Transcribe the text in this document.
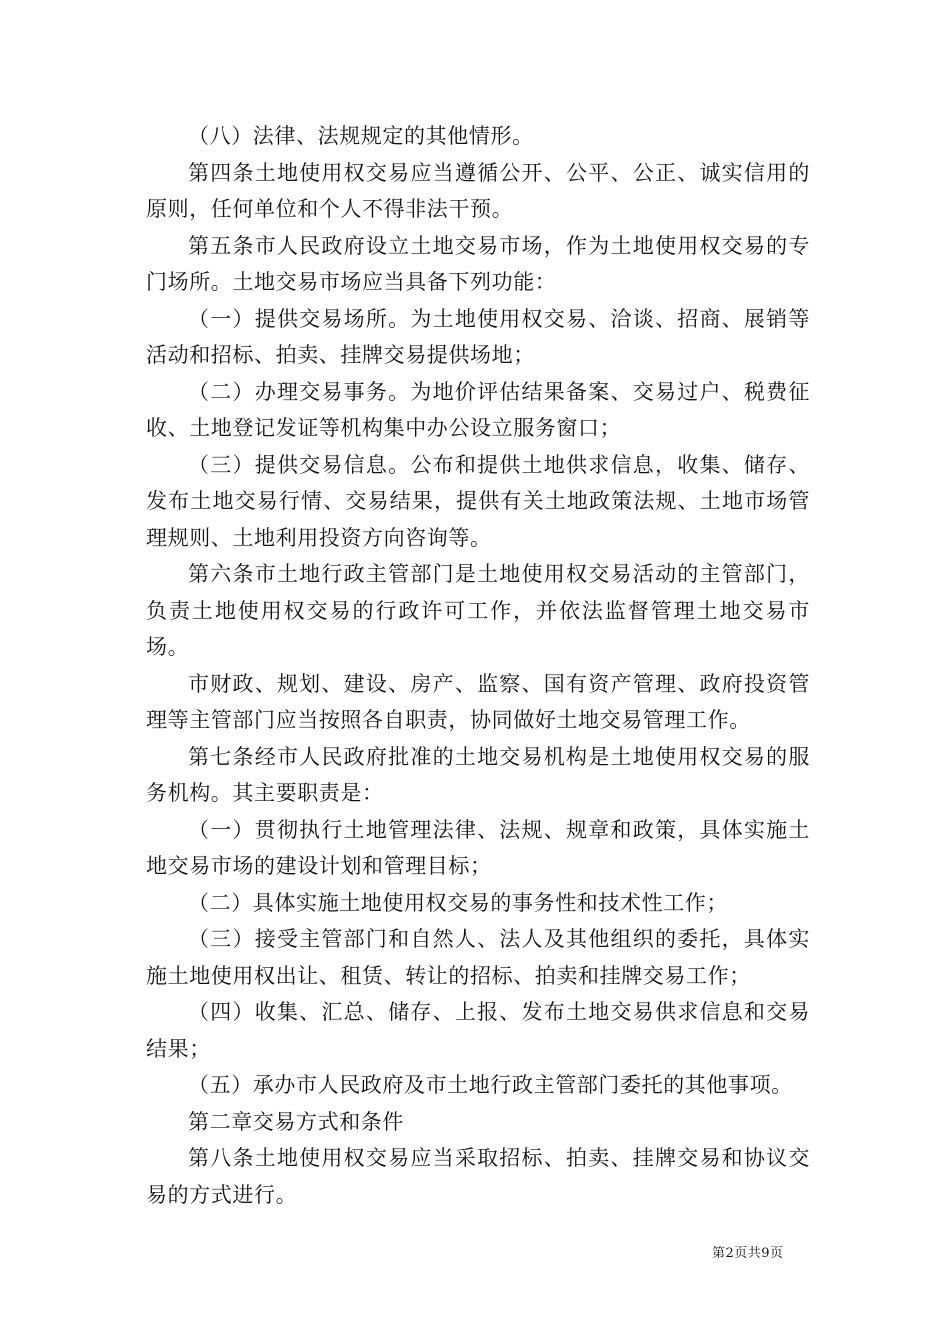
（八）法律、法规规定的其他情形。

第四条土地使用权交易应当遵循公开、公平、公正、诚实信用的原则，任何单位和个人不得非法干预。

第五条市人民政府设立土地交易市场，作为土地使用权交易的专门场所。土地交易市场应当具备下列功能：

（一）提供交易场所。为土地使用权交易、洽谈、招商、展销等活动和招标、拍卖、挂牌交易提供场地；

（二）办理交易事务。为地价评估结果备案、交易过户、税费征收、土地登记发证等机构集中办公设立服务窗口；

（三）提供交易信息。公布和提供土地供求信息，收集、储存、发布土地交易行情、交易结果，提供有关土地政策法规、土地市场管理规则、土地利用投资方向咨询等。

第六条市土地行政主管部门是土地使用权交易活动的主管部门，负责土地使用权交易的行政许可工作，并依法监督管理土地交易市场。

市财政、规划、建设、房产、监察、国有资产管理、政府投资管理等主管部门应当按照各自职责，协同做好土地交易管理工作。

第七条经市人民政府批准的土地交易机构是土地使用权交易的服务机构。其主要职责是：

（一）贯彻执行土地管理法律、法规、规章和政策，具体实施土地交易市场的建设计划和管理目标；

（二）具体实施土地使用权交易的事务性和技术性工作；

（三）接受主管部门和自然人、法人及其他组织的委托，具体实施土地使用权出让、租赁、转让的招标、拍卖和挂牌交易工作；

（四）收集、汇总、储存、上报、发布土地交易供求信息和交易结果；

（五）承办市人民政府及市土地行政主管部门委托的其他事项。

第二章交易方式和条件

第八条土地使用权交易应当采取招标、拍卖、挂牌交易和协议交易的方式进行。

第2页共9页
